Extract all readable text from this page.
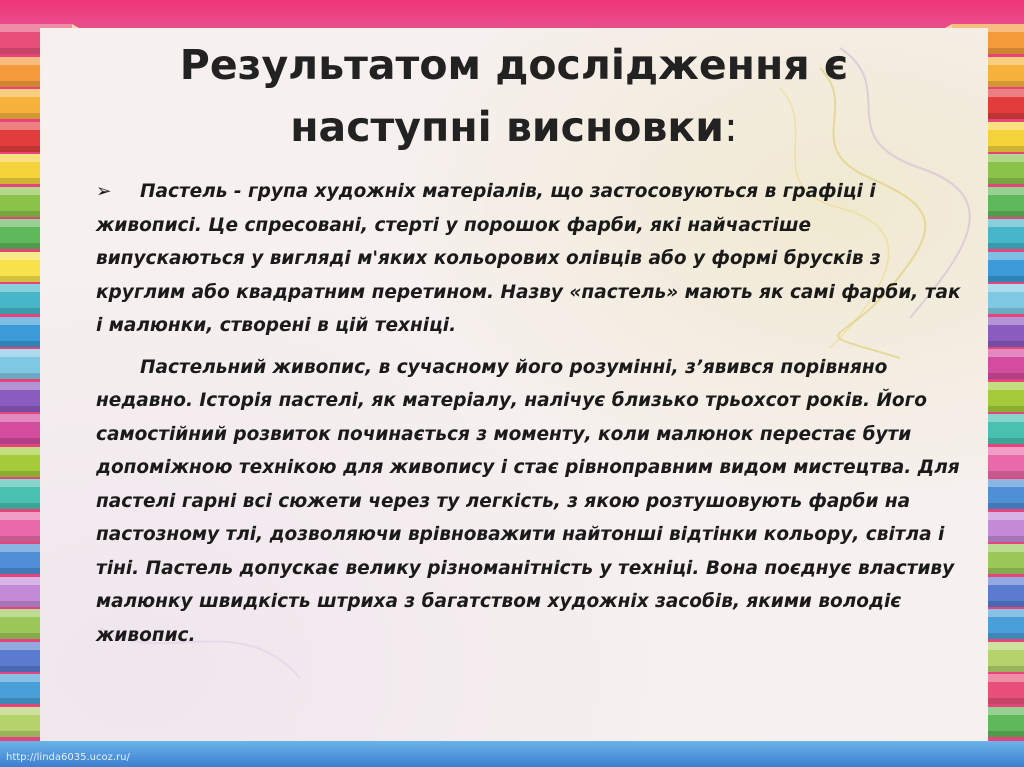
Результатом дослідження є
наступні висновки:

➢ Пастель - група художніх матеріалів, що застосовуються в графіці і живописі. Це спресовані, стерті у порошок фарби, які найчастіше випускаються у вигляді м'яких кольорових олівців або у формі брусків з круглим або квадратним перетином. Назву «пастель» мають як самі фарби, так і малюнки, створені в цій техніці.

Пастельний живопис, в сучасному його розумінні, з’явився порівняно недавно. Історія пастелі, як матеріалу, налічує близько трьохсот років. Його самостійний розвиток починається з моменту, коли малюнок перестає бути допоміжною технікою для живопису і стає рівноправним видом мистецтва. Для пастелі гарні всі сюжети через ту легкість, з якою розтушовують фарби на пастозному тлі, дозволяючи врівноважити найтонші відтінки кольору, світла і тіні. Пастель допускає велику різноманітність у техніці. Вона поєднує властиву малюнку швидкість штриха з багатством художніх засобів, якими володіє живопис.

http://linda6035.ucoz.ru/
